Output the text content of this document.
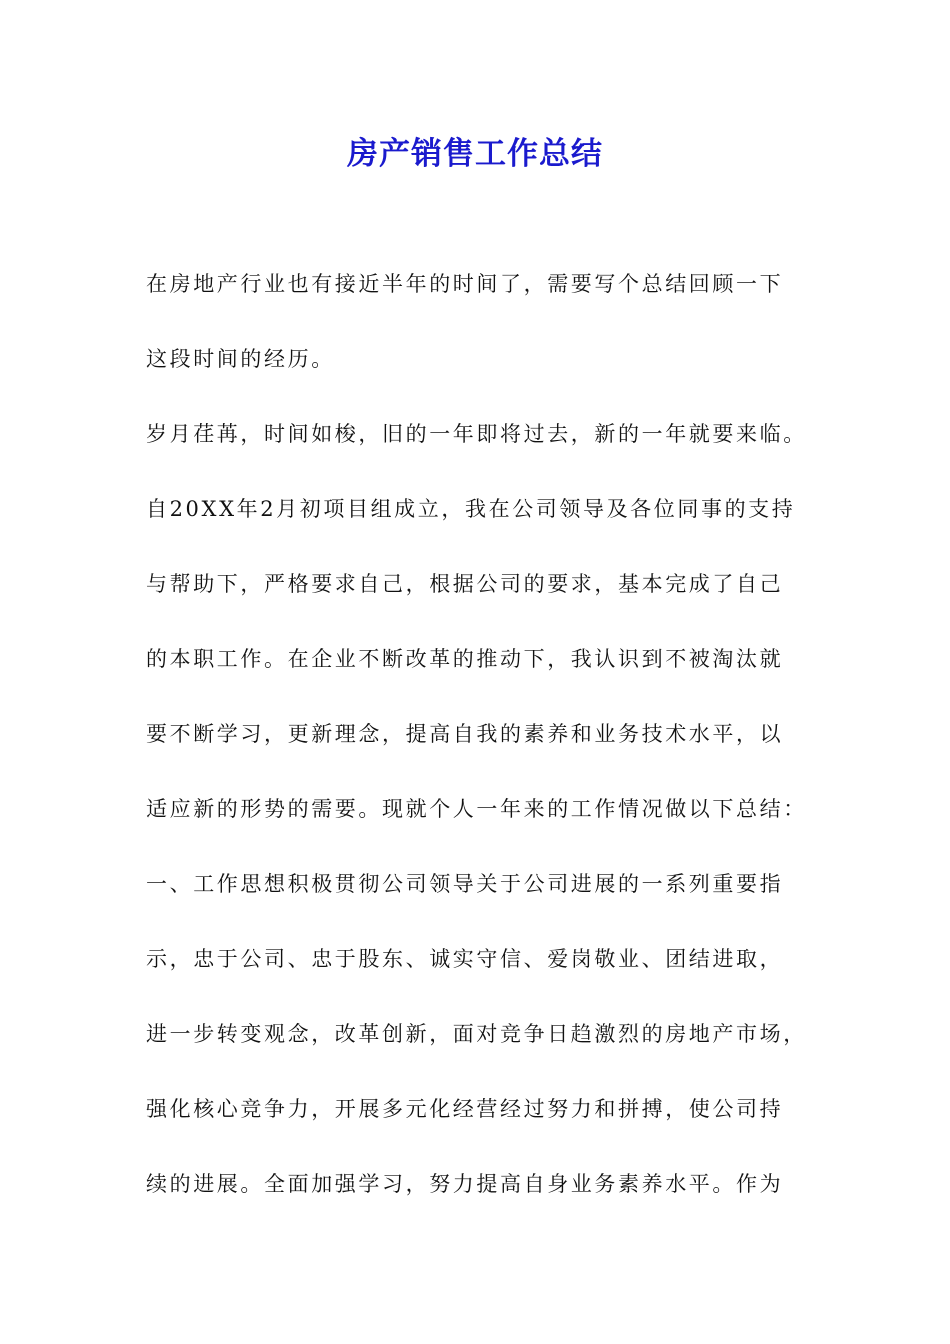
房产销售工作总结

在房地产行业也有接近半年的时间了，需要写个总结回顾一下

这段时间的经历。

岁月荏苒，时间如梭，旧的一年即将过去，新的一年就要来临。

自20XX年2月初项目组成立，我在公司领导及各位同事的支持

与帮助下，严格要求自己，根据公司的要求，基本完成了自己

的本职工作。在企业不断改革的推动下，我认识到不被淘汰就

要不断学习，更新理念，提高自我的素养和业务技术水平，以

适应新的形势的需要。现就个人一年来的工作情况做以下总结：

一、工作思想积极贯彻公司领导关于公司进展的一系列重要指

示，忠于公司、忠于股东、诚实守信、爱岗敬业、团结进取，

进一步转变观念，改革创新，面对竞争日趋激烈的房地产市场，

强化核心竞争力，开展多元化经营经过努力和拼搏，使公司持

续的进展。全面加强学习，努力提高自身业务素养水平。作为
